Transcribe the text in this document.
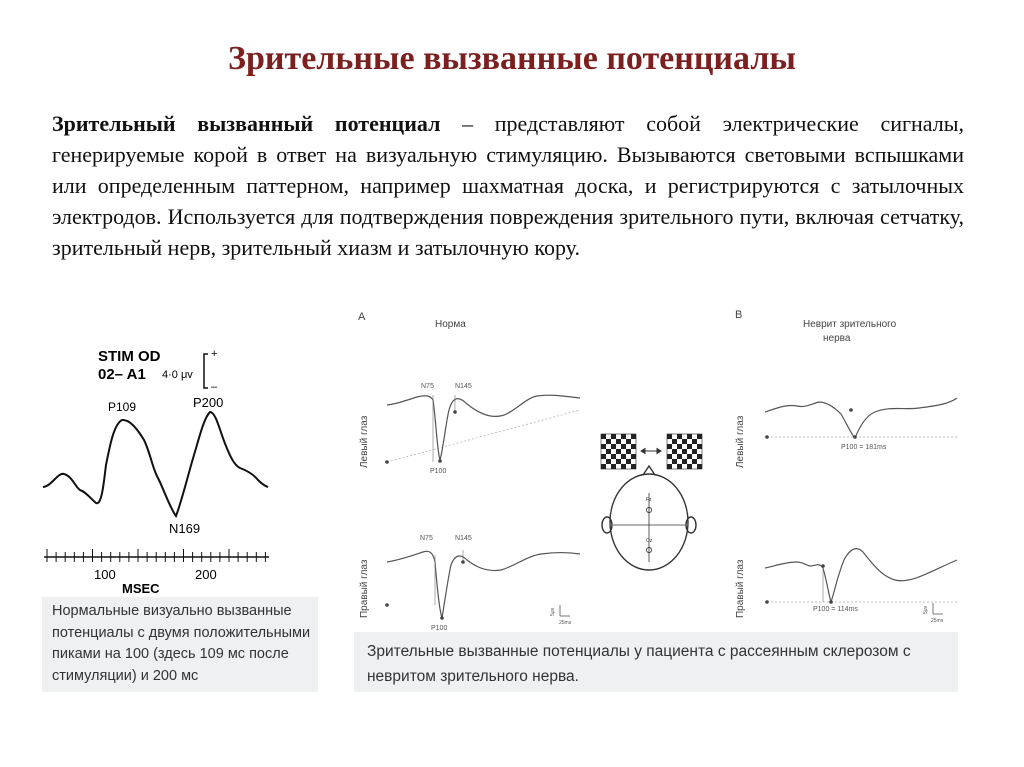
Зрительные вызванные потенциалы

Зрительный вызванный потенциал – представляют собой электрические сигналы, генерируемые корой в ответ на визуальную стимуляцию. Вызываются световыми вспышками или определенным паттерном, например шахматная доска, и регистрируются с затылочных электродов. Используется для подтверждения повреждения зрительного пути, включая сетчатку, зрительный нерв, зрительный хиазм и затылочную кору.

STIM OD
02– A1 4·0 μv
+
–
P109	P200
N169
100	200
MSEC
Нормальные визуально вызванные потенциалы с двумя положительными пиками на 100 (здесь 109 мс после стимуляции) и 200 мс
A
Норма
B
Неврит зрительного
нерва
Левый глаз
Правый глаз
Левый глаз
Правый глаз
N75	N145
P100
N75	N145
P100
5μv
25ms
Fz
Oz
P100 = 181ms
P100 = 114ms	5μv
25ms
Зрительные вызванные потенциалы у пациента с рассеянным склерозом с невритом зрительного нерва.
